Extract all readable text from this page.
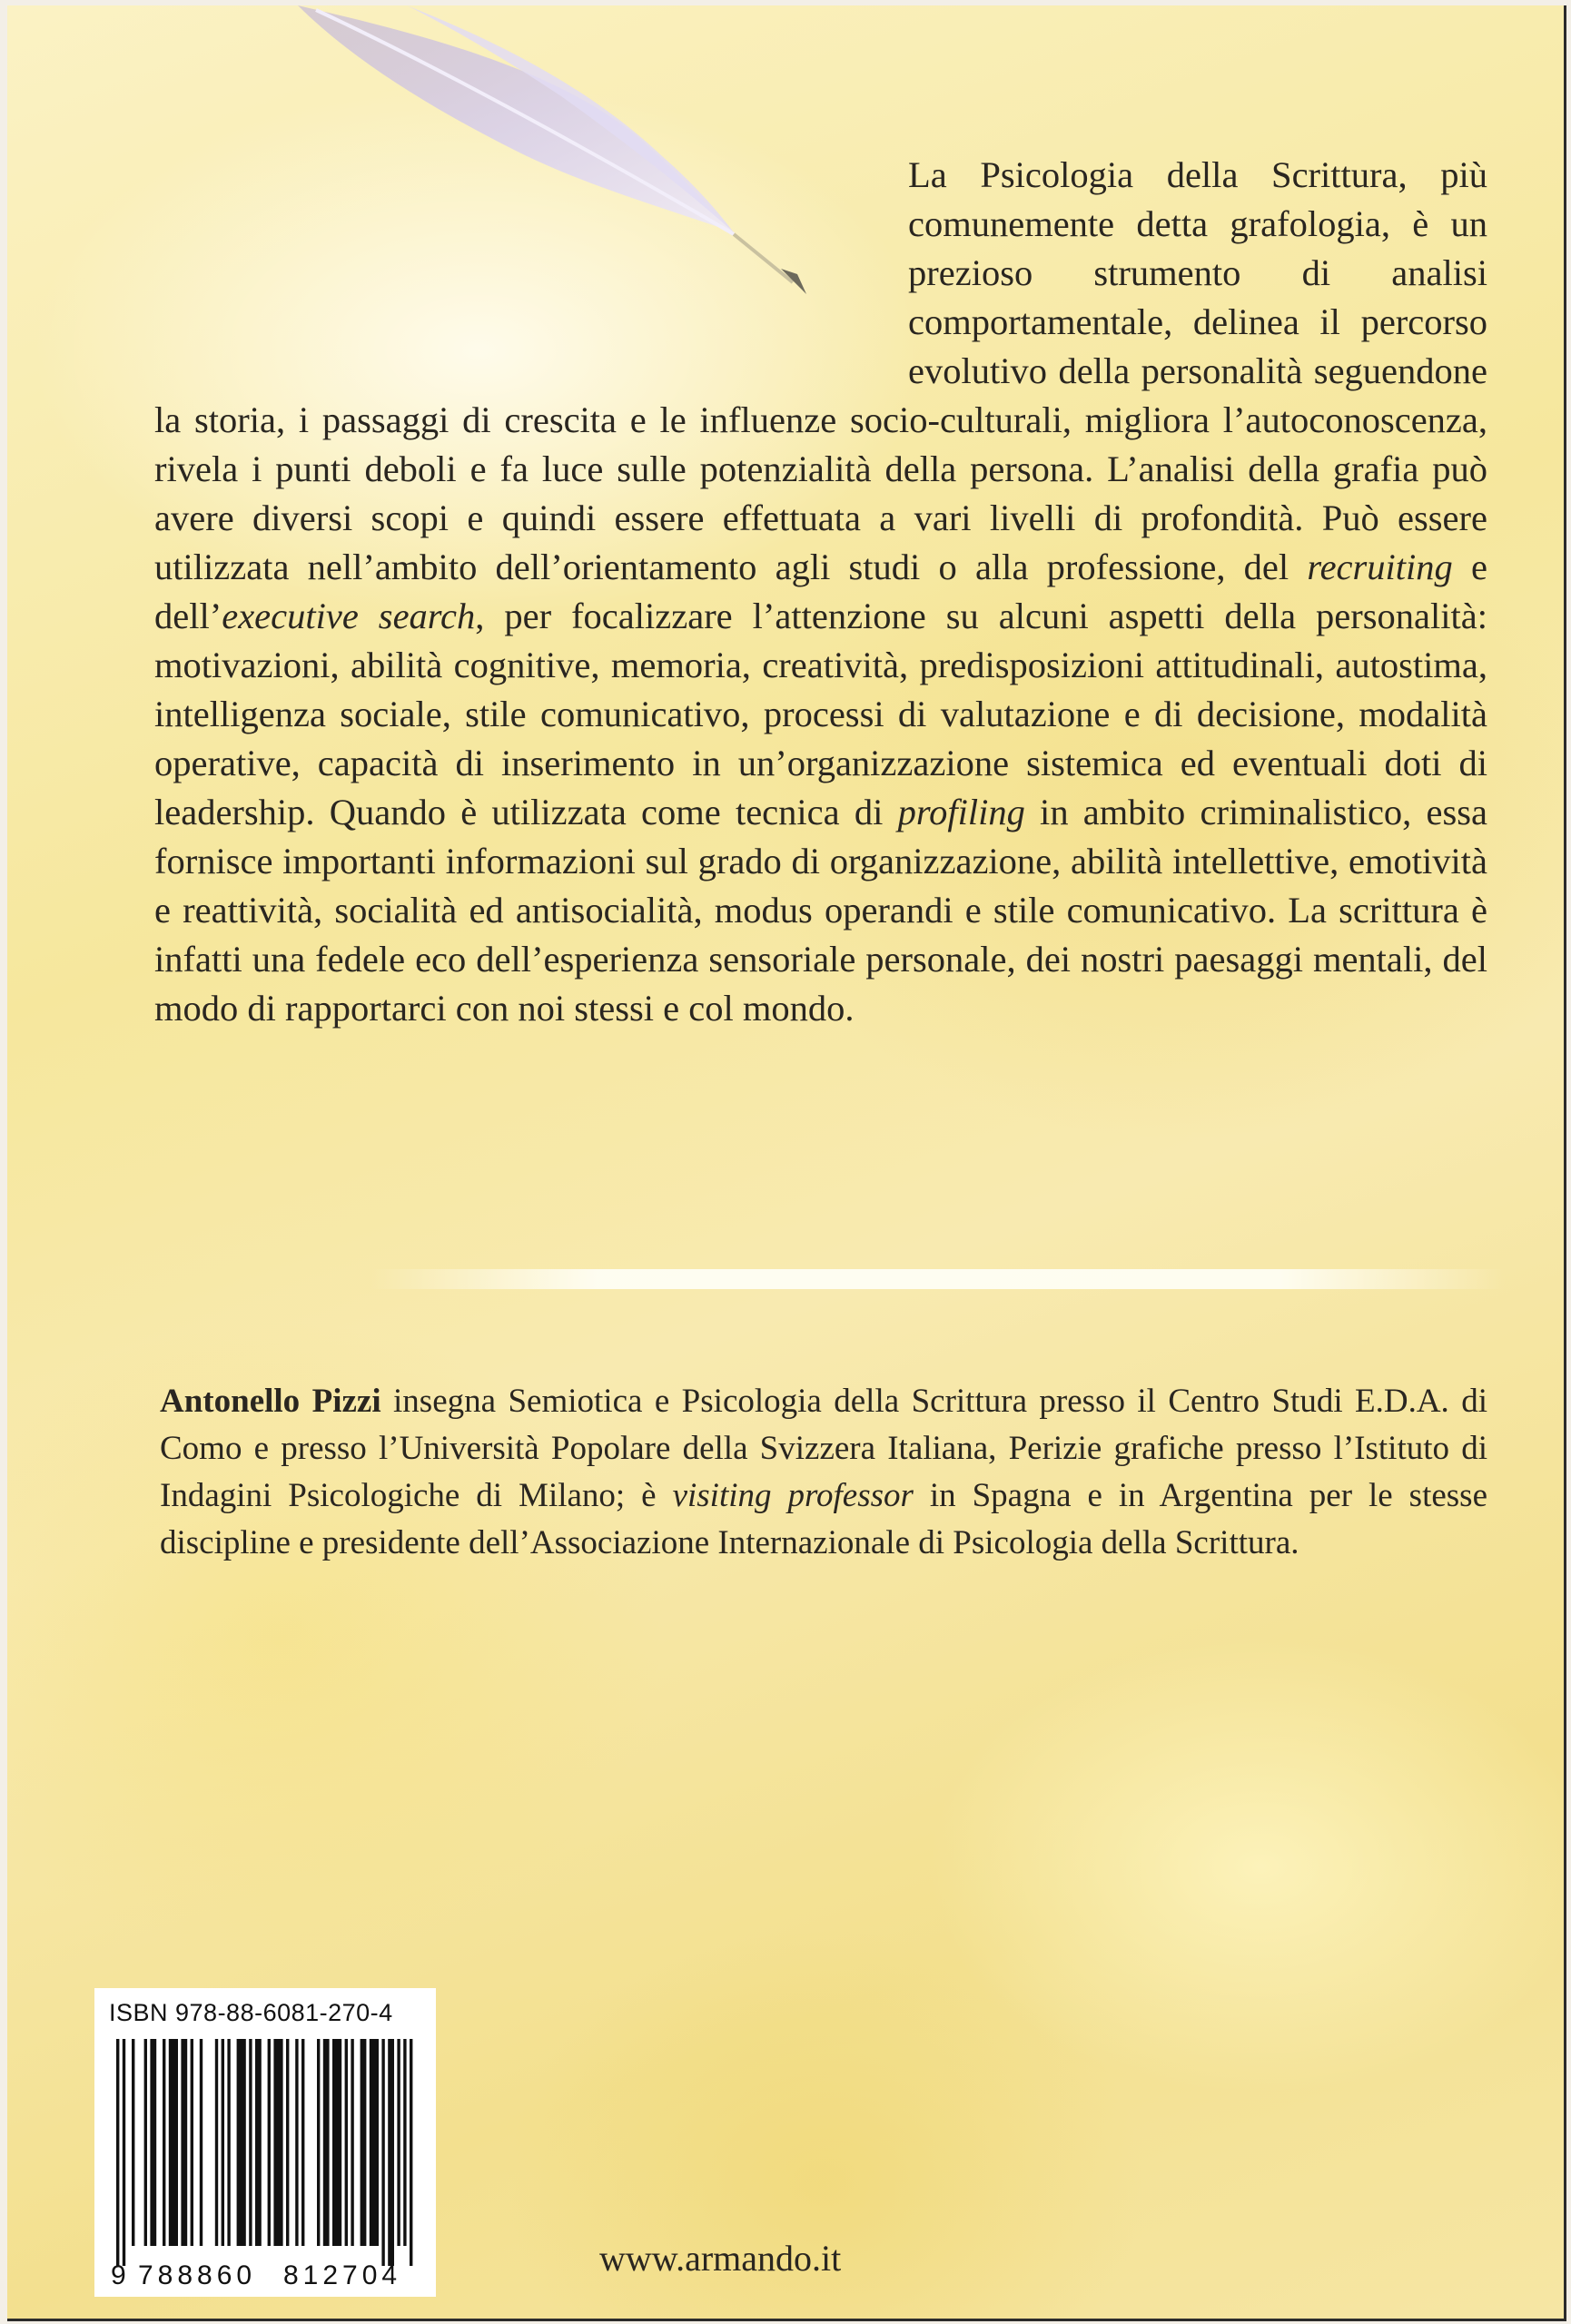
La Psicologia della Scrittura, più comunemente detta grafologia, è un prezioso strumento di analisi comportamentale, delinea il percorso evolutivo della personalità seguendone la storia, i passaggi di crescita e le influenze socio-culturali, migliora l’autoconoscenza, rivela i punti deboli e fa luce sulle potenzialità della persona. L’analisi della grafia può avere diversi scopi e quindi essere effettuata a vari livelli di profondità. Può essere utilizzata nell’ambito dell’orientamento agli studi o alla professione, del recruiting e dell’executive search, per focalizzare l’attenzione su alcuni aspetti della personalità: motivazioni, abilità cognitive, memoria, creatività, predisposizioni attitudinali, autostima, intelligenza sociale, stile comunicativo, processi di valutazione e di decisione, modalità operative, capacità di inserimento in un’organizzazione sistemica ed eventuali doti di leadership. Quando è utilizzata come tecnica di profiling in ambito criminalistico, essa fornisce importanti informazioni sul grado di organizzazione, abilità intellettive, emotività e reattività, socialità ed antisocialità, modus operandi e stile comunicativo. La scrittura è infatti una fedele eco dell’esperienza sensoriale personale, dei nostri paesaggi mentali, del modo di rapportarci con noi stessi e col mondo.

Antonello Pizzi insegna Semiotica e Psicologia della Scrittura presso il Centro Studi E.D.A. di Como e presso l’Università Popolare della Svizzera Italiana, Perizie grafiche presso l’Istituto di Indagini Psicologiche di Milano; è visiting professor in Spagna e in Argentina per le stesse discipline e presidente dell’Associazione Internazionale di Psicologia della Scrittura.

ISBN 978-88-6081-270-4
9 788860 812704	www.armando.it
